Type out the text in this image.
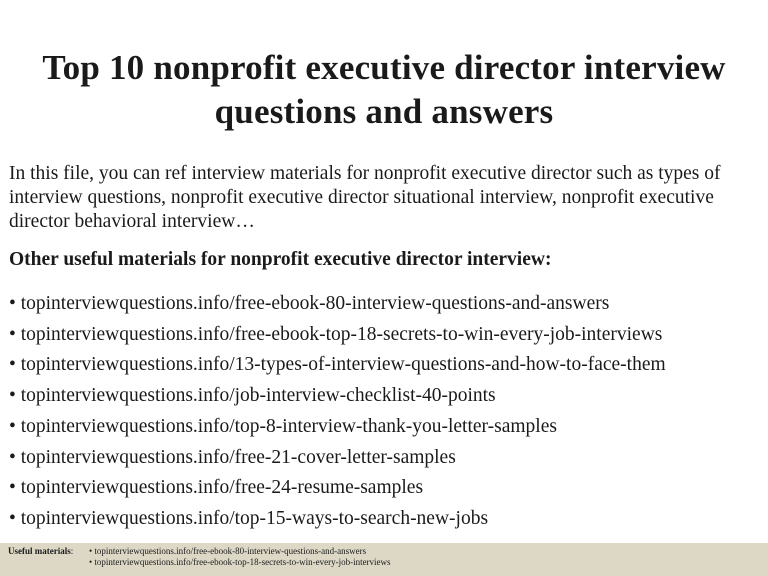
Top 10 nonprofit executive director interview
questions and answers

In this file, you can ref interview materials for nonprofit executive director such as types of interview questions, nonprofit executive director situational interview, nonprofit executive director behavioral interview…

Other useful materials for nonprofit executive director interview:

• topinterviewquestions.info/free-ebook-80-interview-questions-and-answers
• topinterviewquestions.info/free-ebook-top-18-secrets-to-win-every-job-interviews
• topinterviewquestions.info/13-types-of-interview-questions-and-how-to-face-them
• topinterviewquestions.info/job-interview-checklist-40-points
• topinterviewquestions.info/top-8-interview-thank-you-letter-samples
• topinterviewquestions.info/free-21-cover-letter-samples
• topinterviewquestions.info/free-24-resume-samples
• topinterviewquestions.info/top-15-ways-to-search-new-jobs
Useful materials: • topinterviewquestions.info/free-ebook-80-interview-questions-and-answers
• topinterviewquestions.info/free-ebook-top-18-secrets-to-win-every-job-interviews
